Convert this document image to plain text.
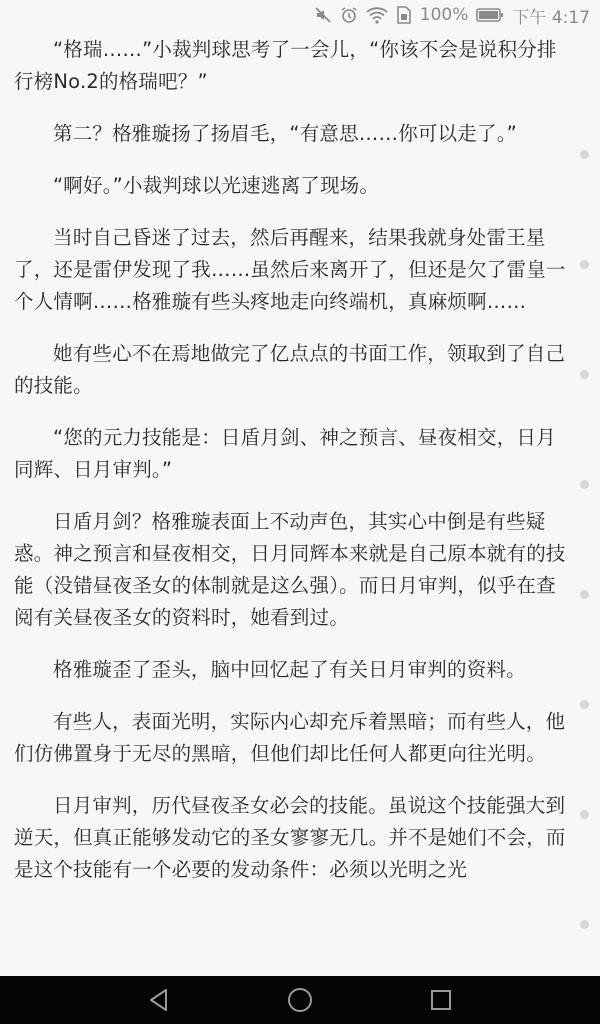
100%	下午 4:17

“格瑞……”小裁判球思考了一会儿，“你该不会是说积分排行榜No.2的格瑞吧？”

第二？格雅璇扬了扬眉毛，“有意思……你可以走了。”

“啊好。”小裁判球以光速逃离了现场。

当时自己昏迷了过去，然后再醒来，结果我就身处雷王星了，还是雷伊发现了我……虽然后来离开了，但还是欠了雷皇一个人情啊……格雅璇有些头疼地走向终端机，真麻烦啊……

她有些心不在焉地做完了亿点点的书面工作，领取到了自己的技能。

“您的元力技能是：日盾月剑、神之预言、昼夜相交，日月同辉、日月审判。”

日盾月剑？格雅璇表面上不动声色，其实心中倒是有些疑惑。神之预言和昼夜相交，日月同辉本来就是自己原本就有的技能（没错昼夜圣女的体制就是这么强）。而日月审判，似乎在查阅有关昼夜圣女的资料时，她看到过。

格雅璇歪了歪头，脑中回忆起了有关日月审判的资料。

有些人，表面光明，实际内心却充斥着黑暗；而有些人，他们仿佛置身于无尽的黑暗，但他们却比任何人都更向往光明。

日月审判，历代昼夜圣女必会的技能。虽说这个技能强大到逆天，但真正能够发动它的圣女寥寥无几。并不是她们不会，而是这个技能有一个必要的发动条件：必须以光明之光
